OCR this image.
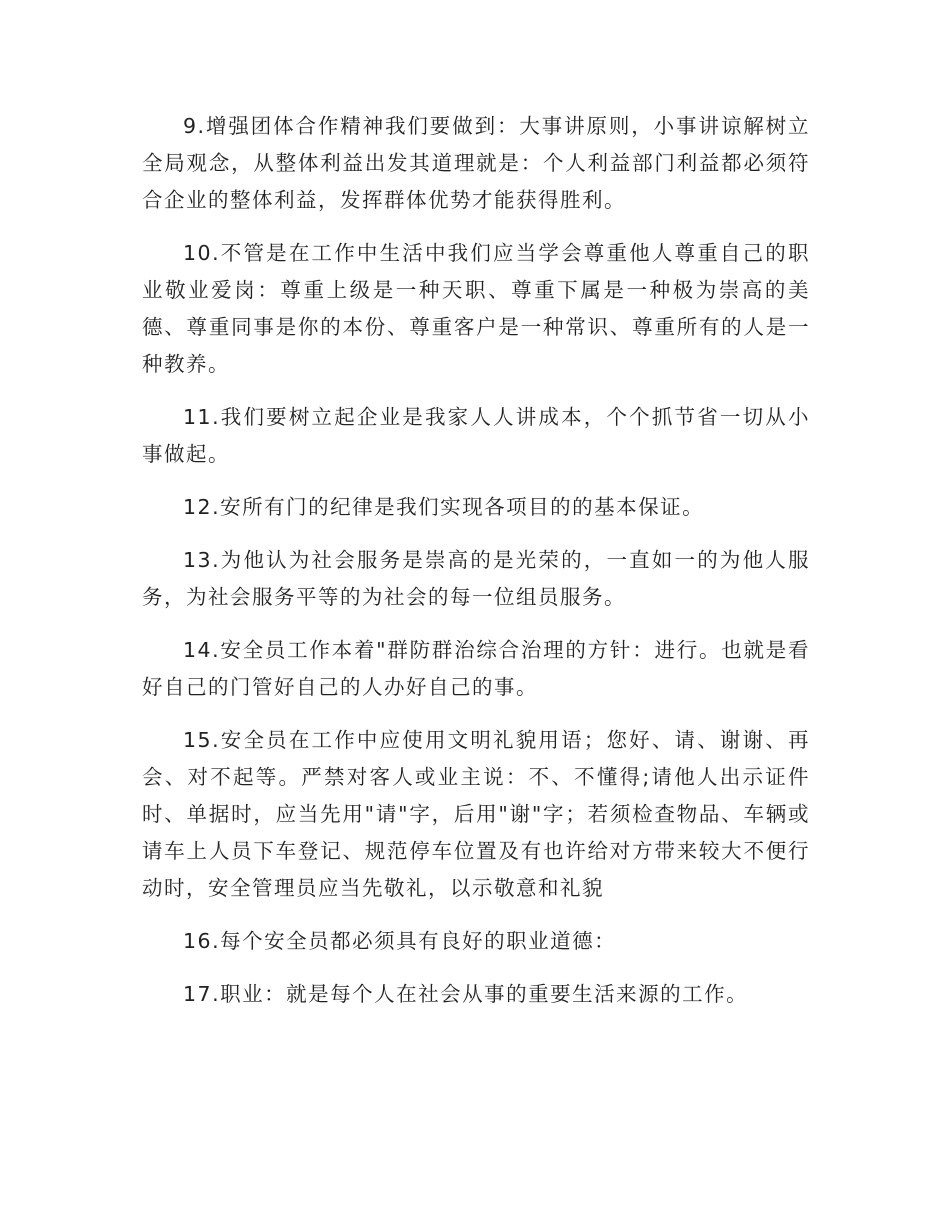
9.增强团体合作精神我们要做到：大事讲原则，小事讲谅解树立全局观念，从整体利益出发其道理就是：个人利益部门利益都必须符合企业的整体利益，发挥群体优势才能获得胜利。

10.不管是在工作中生活中我们应当学会尊重他人尊重自己的职业敬业爱岗：尊重上级是一种天职、尊重下属是一种极为崇高的美德、尊重同事是你的本份、尊重客户是一种常识、尊重所有的人是一种教养。

11.我们要树立起企业是我家人人讲成本，个个抓节省一切从小事做起。

12.安所有门的纪律是我们实现各项目的的基本保证。

13.为他认为社会服务是崇高的是光荣的，一直如一的为他人服务，为社会服务平等的为社会的每一位组员服务。

14.安全员工作本着"群防群治综合治理的方针：进行。也就是看好自己的门管好自己的人办好自己的事。

15.安全员在工作中应使用文明礼貌用语；您好、请、谢谢、再会、对不起等。严禁对客人或业主说：不、不懂得;请他人出示证件时、单据时，应当先用"请"字，后用"谢"字；若须检查物品、车辆或请车上人员下车登记、规范停车位置及有也许给对方带来较大不便行动时，安全管理员应当先敬礼，以示敬意和礼貌

16.每个安全员都必须具有良好的职业道德：

17.职业：就是每个人在社会从事的重要生活来源的工作。
